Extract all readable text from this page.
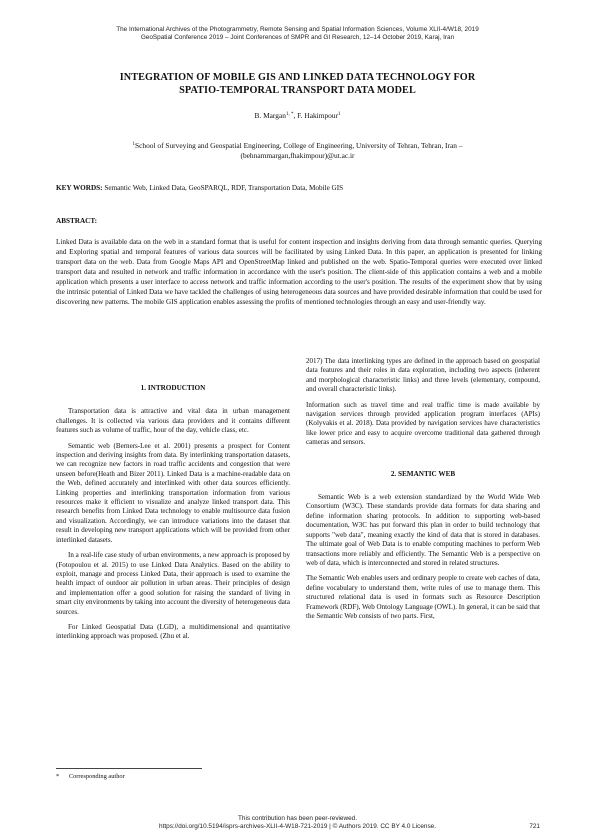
The International Archives of the Photogrammetry, Remote Sensing and Spatial Information Sciences, Volume XLII-4/W18, 2019
GeoSpatial Conference 2019 – Joint Conferences of SMPR and GI Research, 12–14 October 2019, Karaj, Iran
INTEGRATION OF MOBILE GIS AND LINKED DATA TECHNOLOGY FOR
SPATIO-TEMPORAL TRANSPORT DATA MODEL
B. Margan$^{1, *}$, F. Hakimpour$^1$
$^1$School of Surveying and Geospatial Engineering, College of Engineering, University of Tehran, Tehran, Iran –
(behnammargan,fhakimpour)@ut.ac.ir
KEY WORDS: Semantic Web, Linked Data, GeoSPARQL, RDF, Transportation Data, Mobile GIS
ABSTRACT:
Linked Data is available data on the web in a standard format that is useful for content inspection and insights deriving from data through semantic queries. Querying and Exploring spatial and temporal features of various data sources will be facilitated by using Linked Data. In this paper, an application is presented for linking transport data on the web. Data from Google Maps API and OpenStreetMap linked and published on the web. Spatio-Temporal queries were executed over linked transport data and resulted in network and traffic information in accordance with the user's position. The client-side of this application contains a web and a mobile application which presents a user interface to access network and traffic information according to the user's position. The results of the experiment show that by using the intrinsic potential of Linked Data we have tackled the challenges of using heterogeneous data sources and have provided desirable information that could be used for discovering new patterns. The mobile GIS application enables assessing the profits of mentioned technologies through an easy and user-friendly way.

1. INTRODUCTION

Transportation data is attractive and vital data in urban management challenges. It is collected via various data providers and it contains different features such as volume of traffic, hour of the day, vehicle class, etc.

Semantic web (Berners-Lee et al. 2001) presents a prospect for Content inspection and deriving insights from data. By interlinking transportation datasets, we can recognize new factors in road traffic accidents and congestion that were unseen before(Heath and Bizer 2011). Linked Data is a machine-readable data on the Web, defined accurately and interlinked with other data sources efficiently. Linking properties and interlinking transportation information from various resources make it efficient to visualize and analyze linked transport data. This research benefits from Linked Data technology to enable multisource data fusion and visualization. Accordingly, we can introduce variations into the dataset that result in developing new transport applications which will be provided from other interlinked datasets.

In a real-life case study of urban environments, a new approach is proposed by (Fotopoulou et al. 2015) to use Linked Data Analytics. Based on the ability to exploit, manage and process Linked Data, their approach is used to examine the health impact of outdoor air pollution in urban areas. Their principles of design and implementation offer a good solution for raising the standard of living in smart city environments by taking into account the diversity of heterogeneous data sources.

For Linked Geospatial Data (LGD), a multidimensional and quantitative interlinking approach was proposed. (Zhu et al.

2017) The data interlinking types are defined in the approach based on geospatial data features and their roles in data exploration, including two aspects (inherent and morphological characteristic links) and three levels (elementary, compound, and overall characteristic links).

Information such as travel time and real traffic time is made available by navigation services through provided application program interfaces (APIs)(Kolyvakis et al. 2018). Data provided by navigation services have characteristics like lower price and easy to acquire overcome traditional data gathered through cameras and sensors.

2. SEMANTIC WEB

Semantic Web is a web extension standardized by the World Wide Web Consortium (W3C). These standards provide data formats for data sharing and define information sharing protocols. In addition to supporting web-based documentation, W3C has put forward this plan in order to build technology that supports "web data", meaning exactly the kind of data that is stored in databases. The ultimate goal of Web Data is to enable computing machines to perform Web transactions more reliably and efficiently. The Semantic Web is a perspective on web of data, which is interconnected and stored in related structures.

The Semantic Web enables users and ordinary people to create web caches of data, define vocabulary to understand them, write rules of use to manage them. This structured relational data is used in formats such as Resource Description Framework (RDF), Web Ontology Language (OWL). In general, it can be said that the Semantic Web consists of two parts. First,

* Corresponding author
This contribution has been peer-reviewed.
https://doi.org/10.5194/isprs-archives-XLII-4-W18-721-2019 | © Authors 2019. CC BY 4.0 License.	721
